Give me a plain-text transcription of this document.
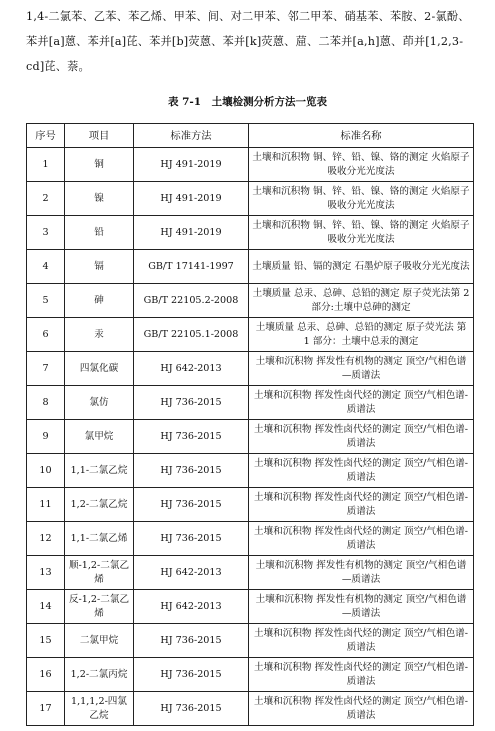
1,4-二氯苯、乙苯、苯乙烯、甲苯、间、对二甲苯、邻二甲苯、硝基苯、苯胺、2-氯酚、苯并[a]蒽、苯并[a]芘、苯并[b]荧蒽、苯并[k]荧蒽、䓛、二苯并[a,h]蒽、茚并[1,2,3-cd]芘、萘。
表 7-1　土壤检测分析方法一览表
序号	项目	标准方法	标准名称
1	铜	HJ 491-2019	土壤和沉积物 铜、锌、铅、镍、铬的测定 火焰原子吸收分光光度法
2	镍	HJ 491-2019	土壤和沉积物 铜、锌、铅、镍、铬的测定 火焰原子吸收分光光度法
3	铅	HJ 491-2019	土壤和沉积物 铜、锌、铅、镍、铬的测定 火焰原子吸收分光光度法
4	镉	GB/T 17141-1997	土壤质量 铅、镉的测定 石墨炉原子吸收分光光度法
5	砷	GB/T 22105.2-2008	土壤质量 总汞、总砷、总铅的测定 原子荧光法第 2 部分:土壤中总砷的测定
6	汞	GB/T 22105.1-2008	土壤质量 总汞、总砷、总铅的测定 原子荧光法 第 1 部分：土壤中总汞的测定
7	四氯化碳	HJ 642-2013	土壤和沉积物 挥发性有机物的测定 顶空/气相色谱—质谱法
8	氯仿	HJ 736-2015	土壤和沉积物 挥发性卤代烃的测定 顶空/气相色谱-质谱法
9	氯甲烷	HJ 736-2015	土壤和沉积物 挥发性卤代烃的测定 顶空/气相色谱-质谱法
10	1,1-二氯乙烷	HJ 736-2015	土壤和沉积物 挥发性卤代烃的测定 顶空/气相色谱-质谱法
11	1,2-二氯乙烷	HJ 736-2015	土壤和沉积物 挥发性卤代烃的测定 顶空/气相色谱-质谱法
12	1,1-二氯乙烯	HJ 736-2015	土壤和沉积物 挥发性卤代烃的测定 顶空/气相色谱-质谱法
13	顺-1,2-二氯乙烯	HJ 642-2013	土壤和沉积物 挥发性有机物的测定 顶空/气相色谱—质谱法
14	反-1,2-二氯乙烯	HJ 642-2013	土壤和沉积物 挥发性有机物的测定 顶空/气相色谱—质谱法
15	二氯甲烷	HJ 736-2015	土壤和沉积物 挥发性卤代烃的测定 顶空/气相色谱-质谱法
16	1,2-二氯丙烷	HJ 736-2015	土壤和沉积物 挥发性卤代烃的测定 顶空/气相色谱-质谱法
17	1,1,1,2-四氯乙烷	HJ 736-2015	土壤和沉积物 挥发性卤代烃的测定 顶空/气相色谱-质谱法
